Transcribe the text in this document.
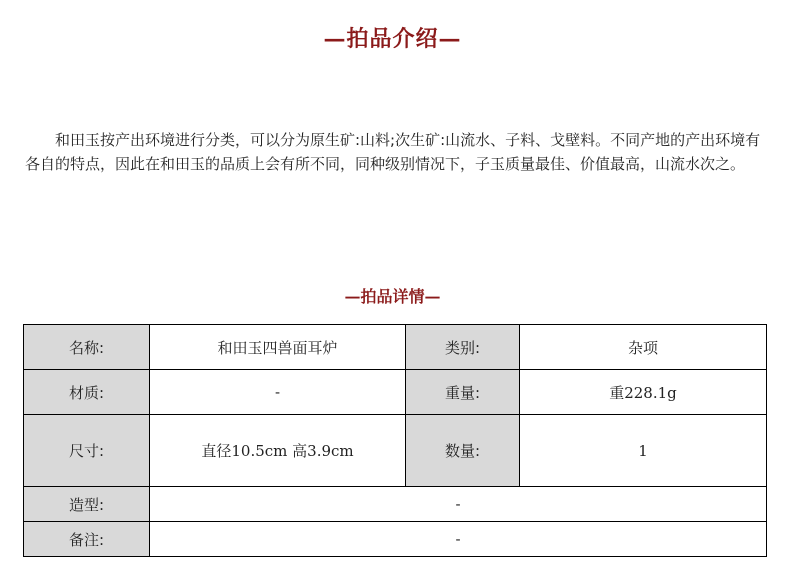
—拍品介绍—

和田玉按产出环境进行分类，可以分为原生矿:山料;次生矿:山流水、子料、戈壁料。不同产地的产出环境有各自的特点，因此在和田玉的品质上会有所不同，同种级别情况下，子玉质量最佳、价值最高，山流水次之。

—拍品详情—
名称:	和田玉四兽面耳炉	类别:	杂项
材质:	-	重量:	重228.1g
尺寸:	直径10.5cm 高3.9cm	数量:	1
造型:	-		
备注:	-		
